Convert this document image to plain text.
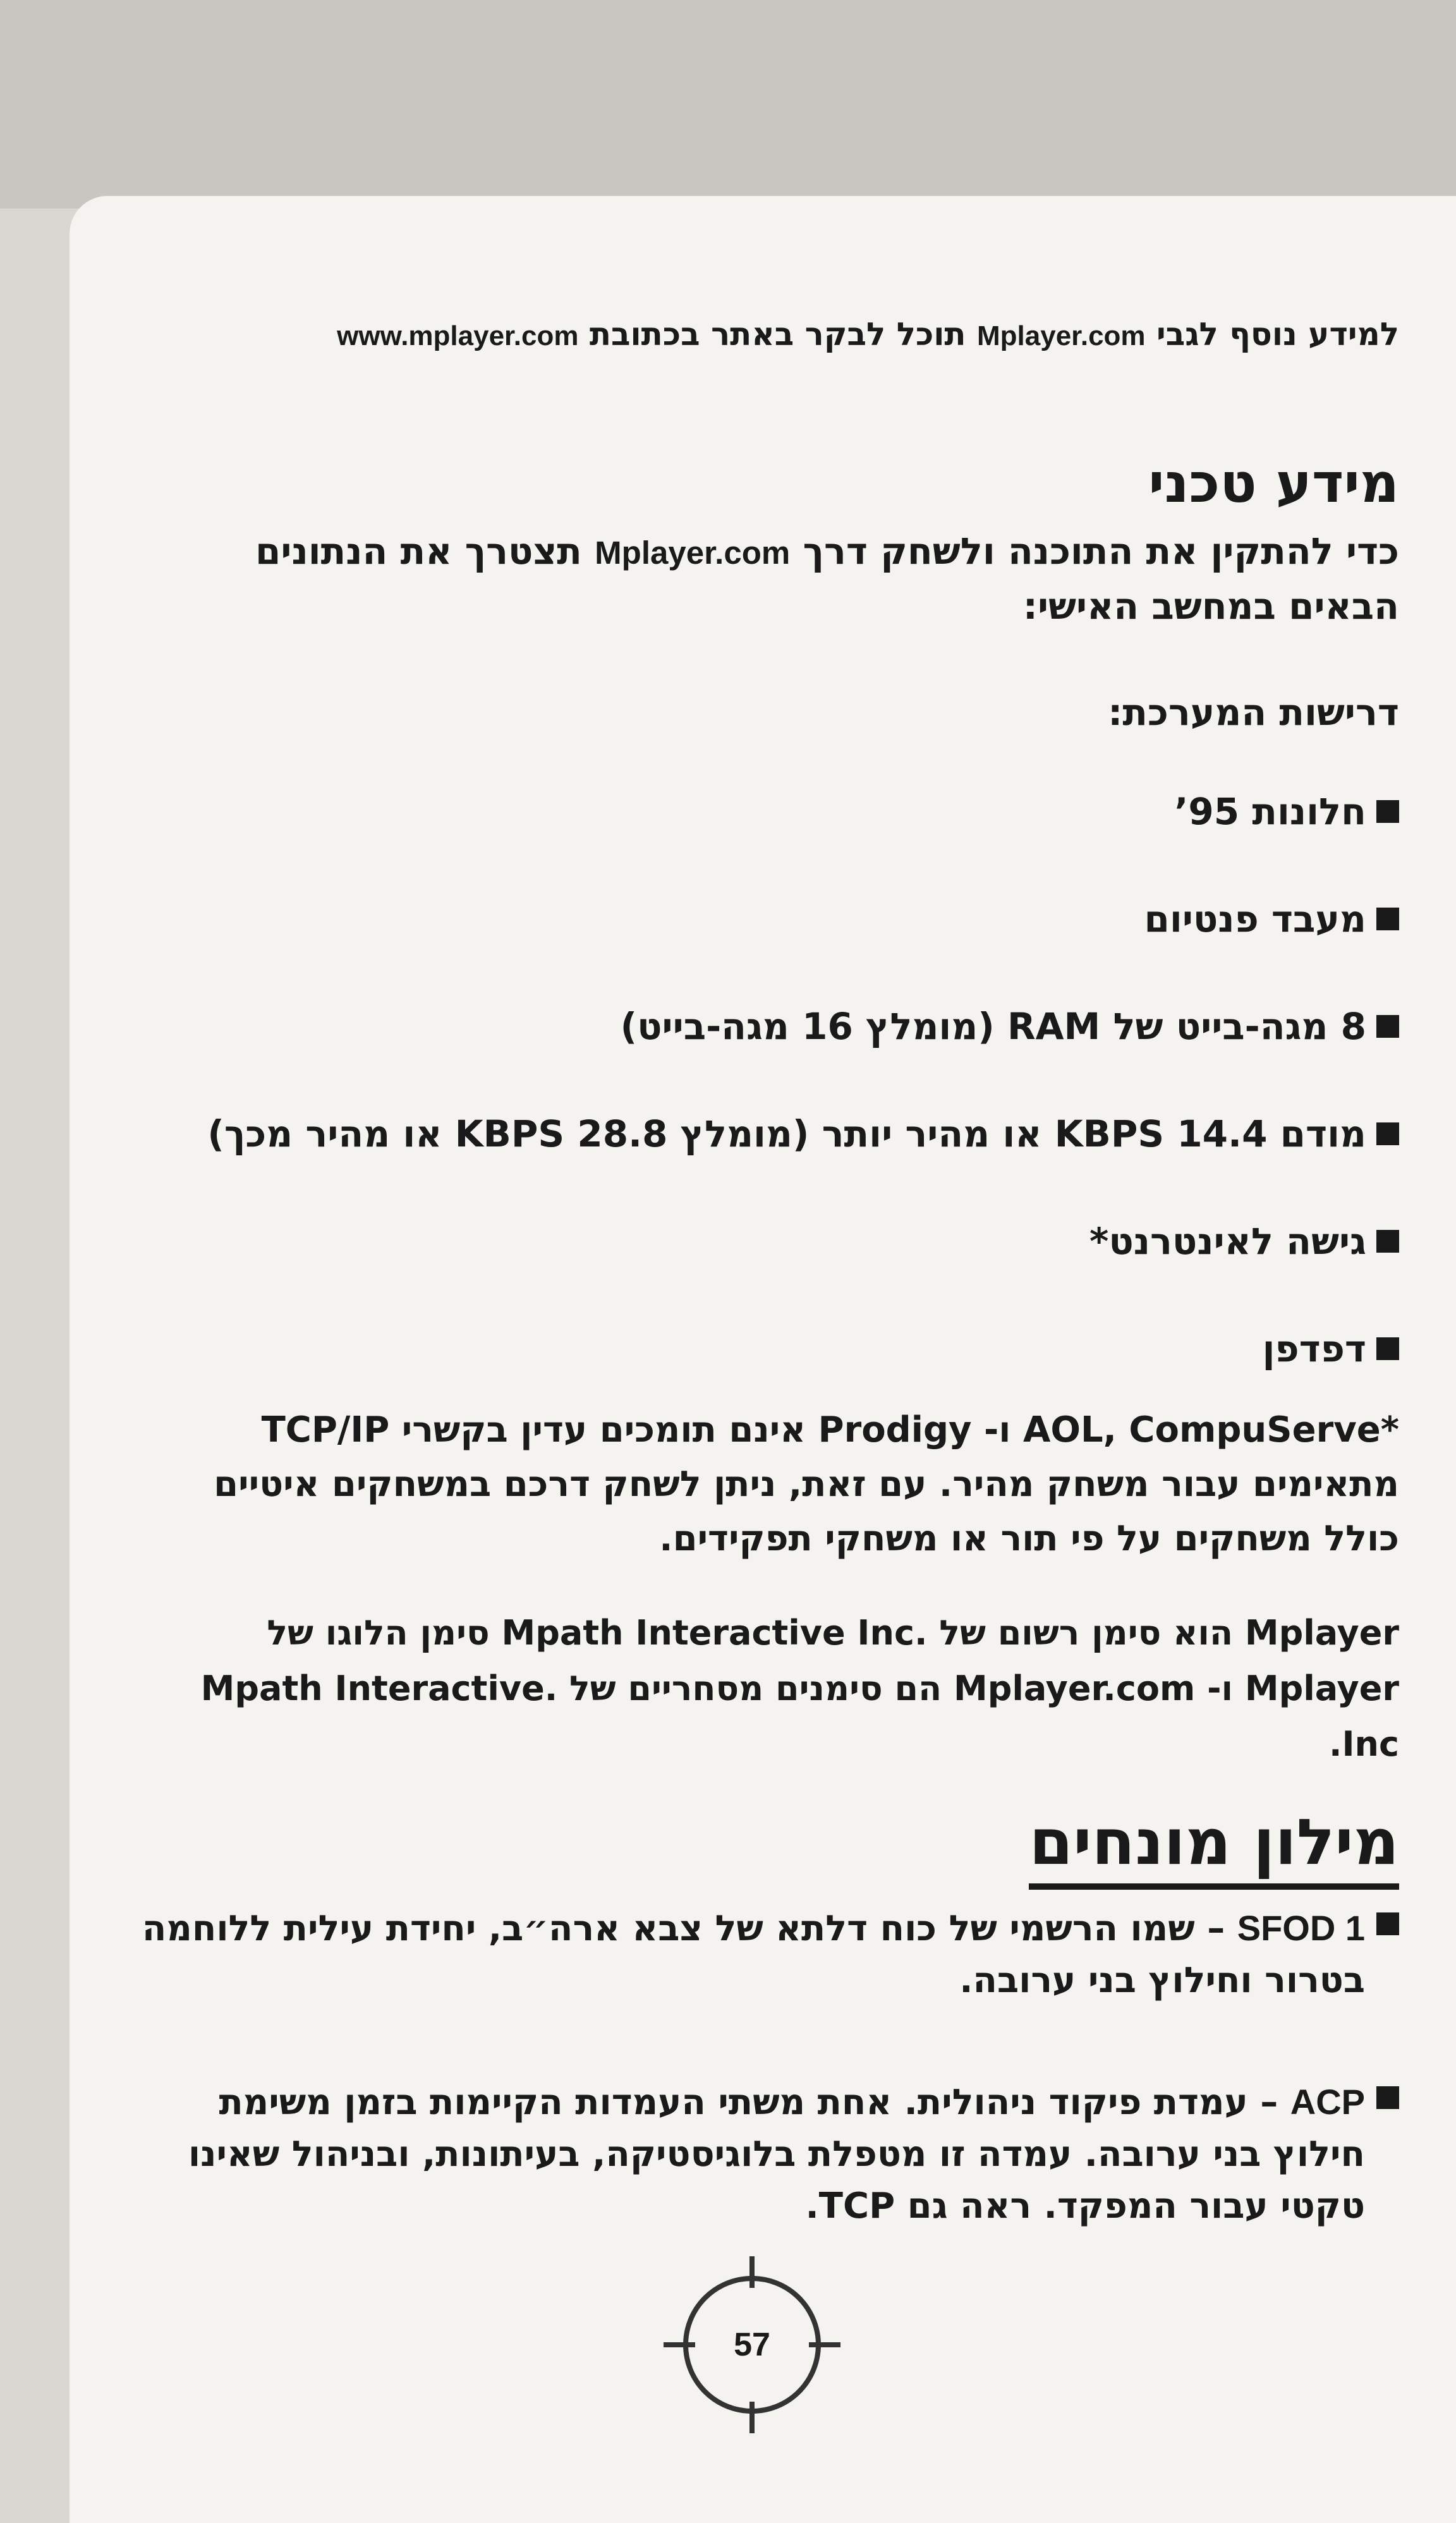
למידע נוסף לגבי Mplayer.com תוכל לבקר באתר בכתובת www.mplayer.com
מידע טכני

כדי להתקין את התוכנה ולשחק דרך Mplayer.com תצטרך את הנתונים הבאים במחשב האישי:

דרישות המערכת:

חלונות 95’
מעבד פנטיום
8 מגה-בייט של RAM (מומלץ 16 מגה-בייט)
מודם 14.4 KBPS או מהיר יותר (מומלץ 28.8 KBPS או מהיר מכך)
גישה לאינטרנט*
דפדפן

*AOL, CompuServe ו- Prodigy אינם תומכים עדין בקשרי TCP/IP מתאימים עבור משחק מהיר. עם זאת, ניתן לשחק דרכם במשחקים איטיים כולל משחקים על פי תור או משחקי תפקידים.

Mplayer הוא סימן רשום של .Mpath Interactive Inc סימן הלוגו של Mplayer ו- Mplayer.com הם סימנים מסחריים של .Mpath Interactive Inc.

מילון מונחים
1 SFOD – שמו הרשמי של כוח דלתא של צבא ארה״ב, יחידת עילית ללוחמה בטרור וחילוץ בני ערובה.
ACP – עמדת פיקוד ניהולית. אחת משתי העמדות הקיימות בזמן משימת חילוץ בני ערובה. עמדה זו מטפלת בלוגיסטיקה, בעיתונות, ובניהול שאינו טקטי עבור המפקד. ראה גם TCP.
57
